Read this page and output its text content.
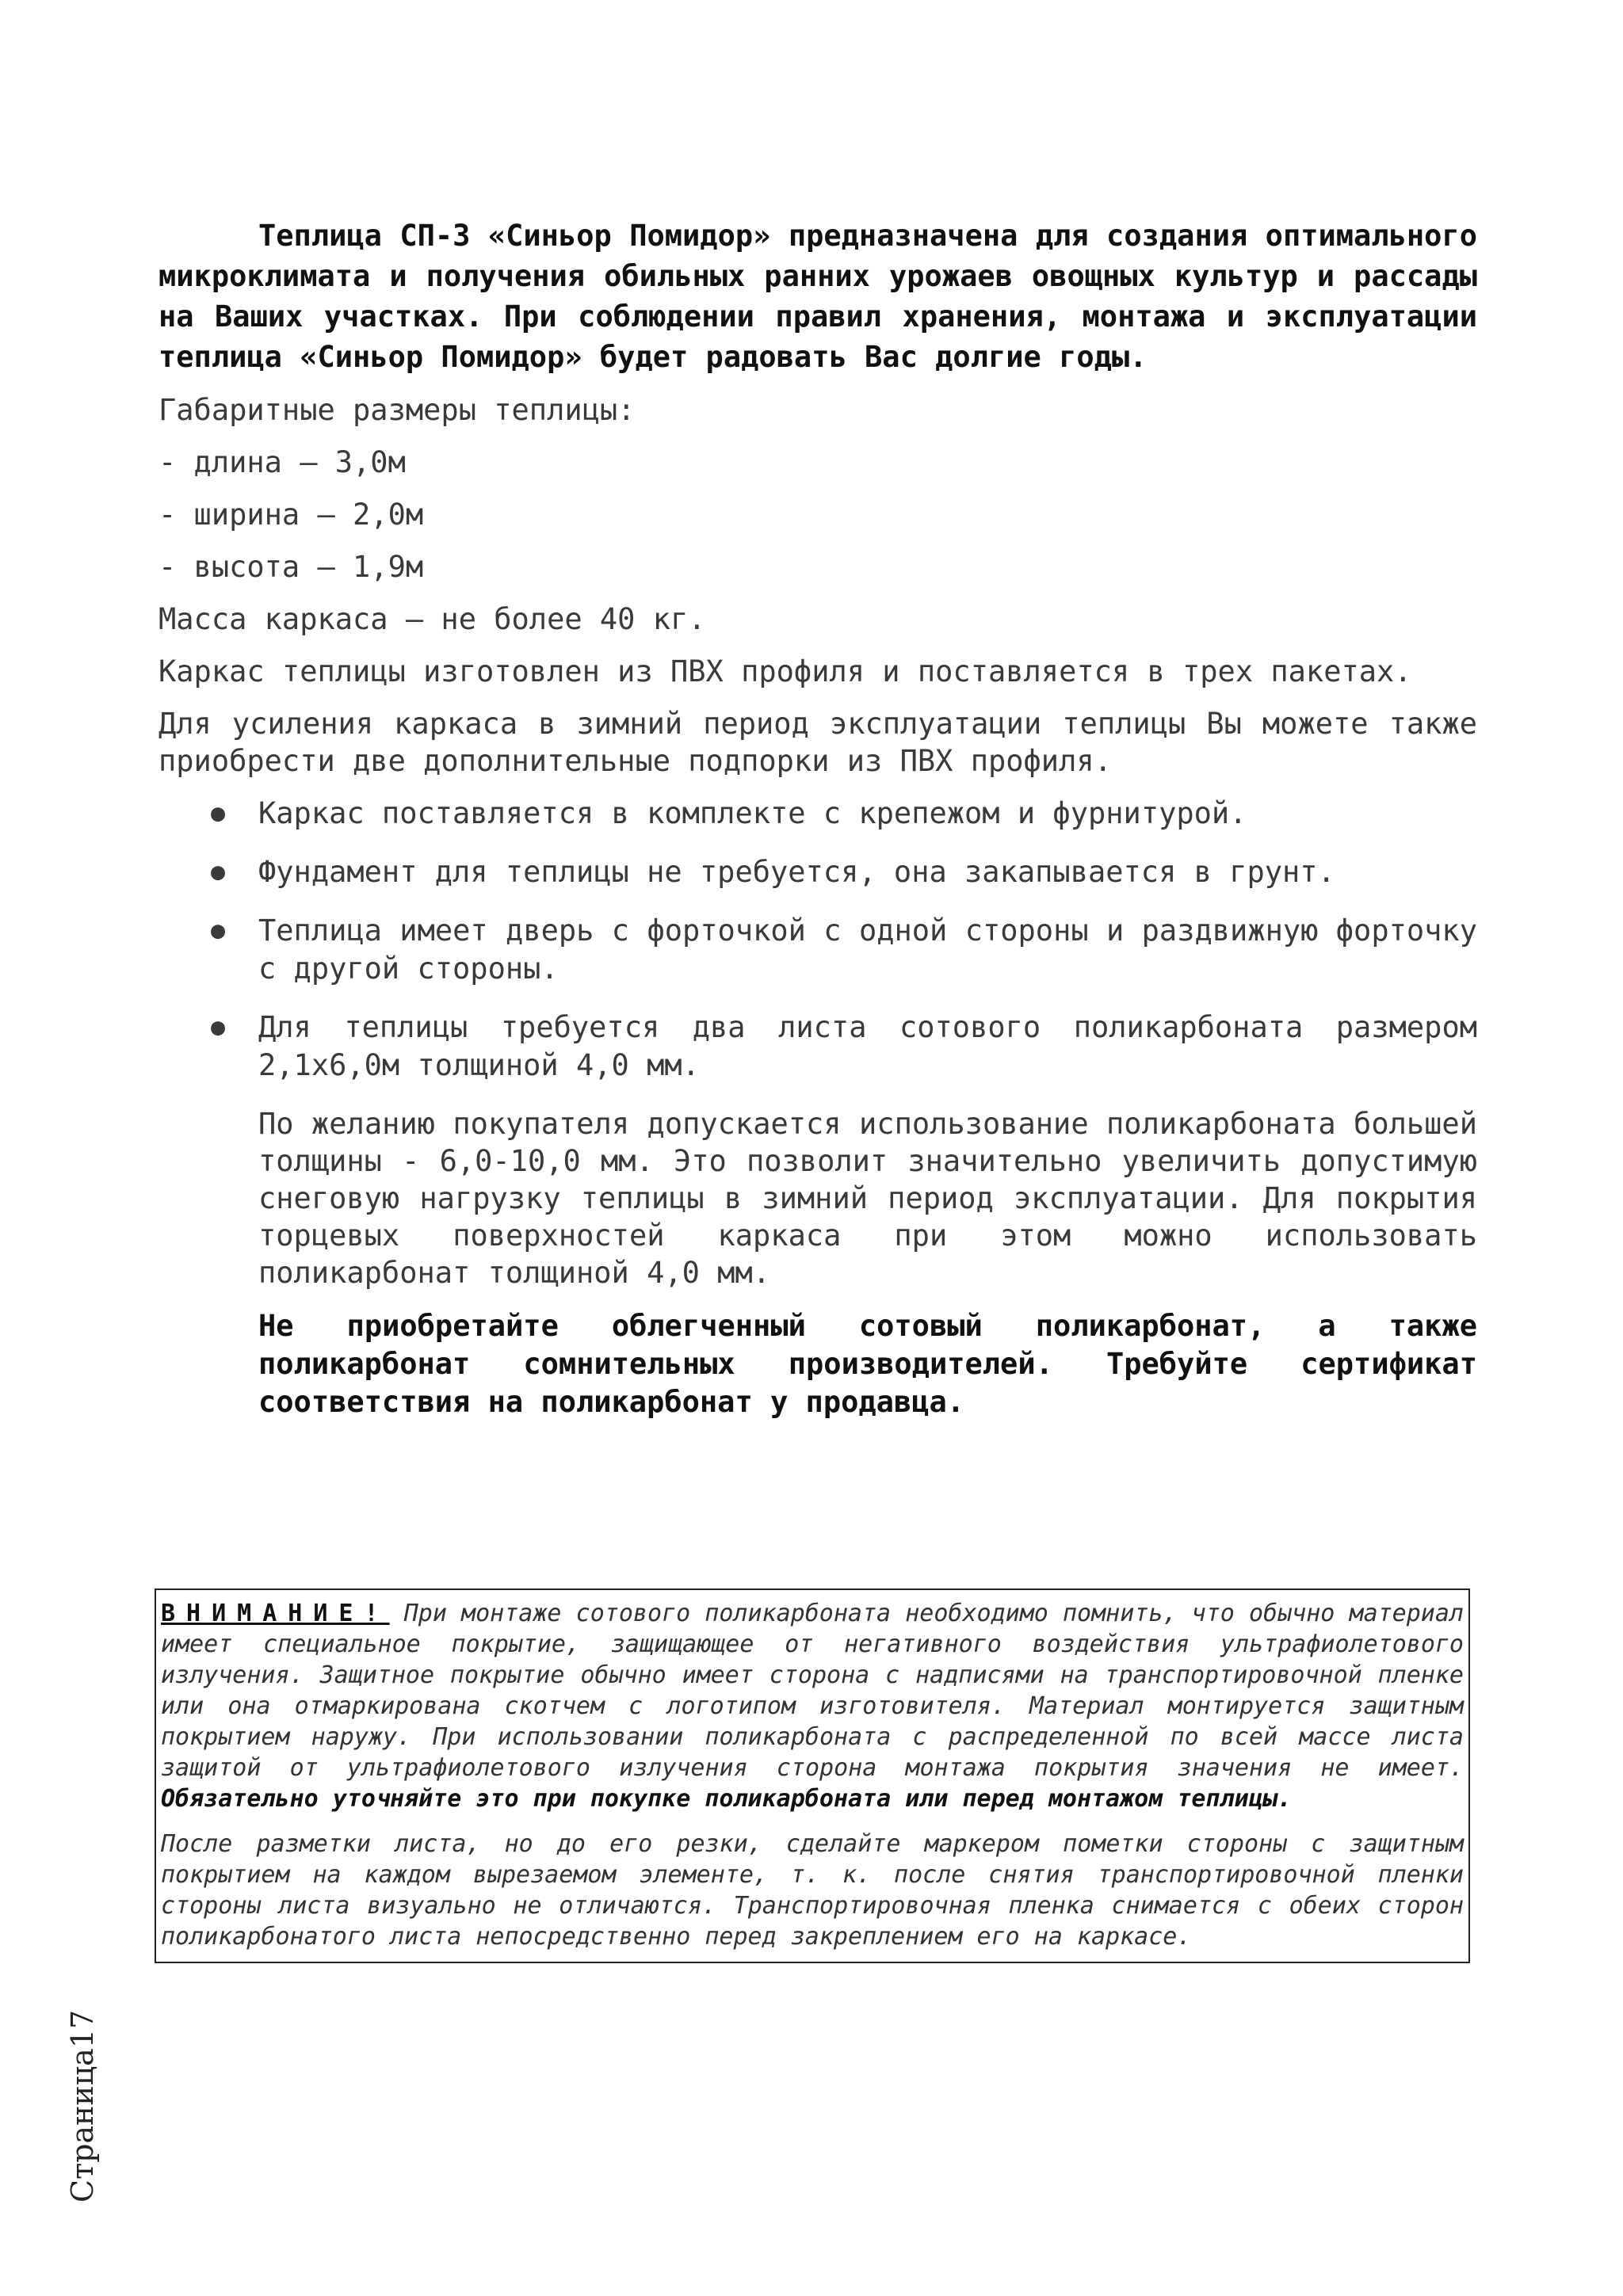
Теплица СП-3 «Синьор Помидор» предназначена для создания оптимального микроклимата и получения обильных ранних урожаев овощных культур и рассады на Ваших участках. При соблюдении правил хранения, монтажа и эксплуатации теплица «Синьор Помидор» будет радовать Вас долгие годы.

Габаритные размеры теплицы:

- длина – 3,0м
- ширина – 2,0м
- высота – 1,9м

Масса каркаса – не более 40 кг.

Каркас теплицы изготовлен из ПВХ профиля и поставляется в трех пакетах.

Для усиления каркаса в зимний период эксплуатации теплицы Вы можете также приобрести две дополнительные подпорки из ПВХ профиля.

● Каркас поставляется в комплекте с крепежом и фурнитурой.
● Фундамент для теплицы не требуется, она закапывается в грунт.
● Теплица имеет дверь с форточкой с одной стороны и раздвижную форточку с другой стороны.
● Для теплицы требуется два листа сотового поликарбоната размером 2,1х6,0м толщиной 4,0 мм.

По желанию покупателя допускается использование поликарбоната большей толщины - 6,0-10,0 мм. Это позволит значительно увеличить допустимую снеговую нагрузку теплицы в зимний период эксплуатации. Для покрытия торцевых поверхностей каркаса при этом можно использовать поликарбонат толщиной 4,0 мм.

Не приобретайте облегченный сотовый поликарбонат, а также поликарбонат сомнительных производителей. Требуйте сертификат соответствия на поликарбонат у продавца.

ВНИМАНИЕ! При монтаже сотового поликарбоната необходимо помнить, что обычно материал имеет специальное покрытие, защищающее от негативного воздействия ультрафиолетового излучения. Защитное покрытие обычно имеет сторона с надписями на транспортировочной пленке или она отмаркирована скотчем с логотипом изготовителя. Материал монтируется защитным покрытием наружу. При использовании поликарбоната с распределенной по всей массе листа защитой от ультрафиолетового излучения сторона монтажа покрытия значения не имеет. Обязательно уточняйте это при покупке поликарбоната или перед монтажом теплицы.

После разметки листа, но до его резки, сделайте маркером пометки стороны с защитным покрытием на каждом вырезаемом элементе, т. к. после снятия транспортировочной пленки стороны листа визуально не отличаются. Транспортировочная пленка снимается с обеих сторон поликарбонатого листа непосредственно перед закреплением его на каркасе.

Страница17
